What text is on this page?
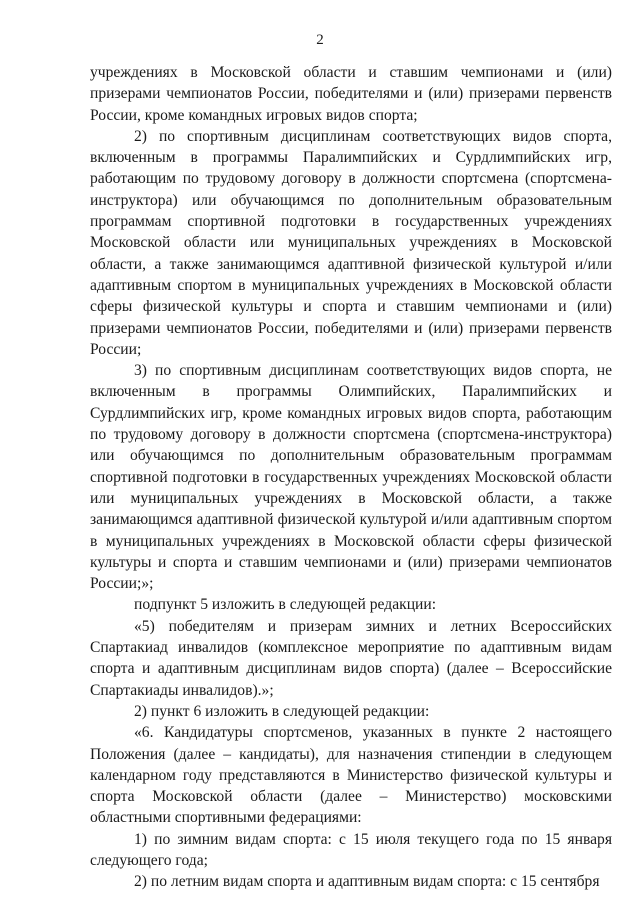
2

учреждениях в Московской области и ставшим чемпионами и (или) призерами чемпионатов России, победителями и (или) призерами первенств России, кроме командных игровых видов спорта;

2) по спортивным дисциплинам соответствующих видов спорта, включенным в программы Паралимпийских и Сурдлимпийских игр, работающим по трудовому договору в должности спортсмена (спортсмена-инструктора) или обучающимся по дополнительным образовательным программам спортивной подготовки в государственных учреждениях Московской области или муниципальных учреждениях в Московской области, а также занимающимся адаптивной физической культурой и/или адаптивным спортом в муниципальных учреждениях в Московской области сферы физической культуры и спорта и ставшим чемпионами и (или) призерами чемпионатов России, победителями и (или) призерами первенств России;

3) по спортивным дисциплинам соответствующих видов спорта, не включенным в программы Олимпийских, Паралимпийских и Сурдлимпийских игр, кроме командных игровых видов спорта, работающим по трудовому договору в должности спортсмена (спортсмена-инструктора) или обучающимся по дополнительным образовательным программам спортивной подготовки в государственных учреждениях Московской области или муниципальных учреждениях в Московской области, а также занимающимся адаптивной физической культурой и/или адаптивным спортом в муниципальных учреждениях в Московской области сферы физической культуры и спорта и ставшим чемпионами и (или) призерами чемпионатов России;»;

подпункт 5 изложить в следующей редакции:

«5) победителям и призерам зимних и летних Всероссийских Спартакиад инвалидов (комплексное мероприятие по адаптивным видам спорта и адаптивным дисциплинам видов спорта) (далее – Всероссийские Спартакиады инвалидов).»;

2) пункт 6 изложить в следующей редакции:

«6. Кандидатуры спортсменов, указанных в пункте 2 настоящего Положения (далее – кандидаты), для назначения стипендии в следующем календарном году представляются в Министерство физической культуры и спорта Московской области (далее – Министерство) московскими областными спортивными федерациями:

1) по зимним видам спорта: с 15 июля текущего года по 15 января следующего года;

2) по летним видам спорта и адаптивным видам спорта: с 15 сентября
